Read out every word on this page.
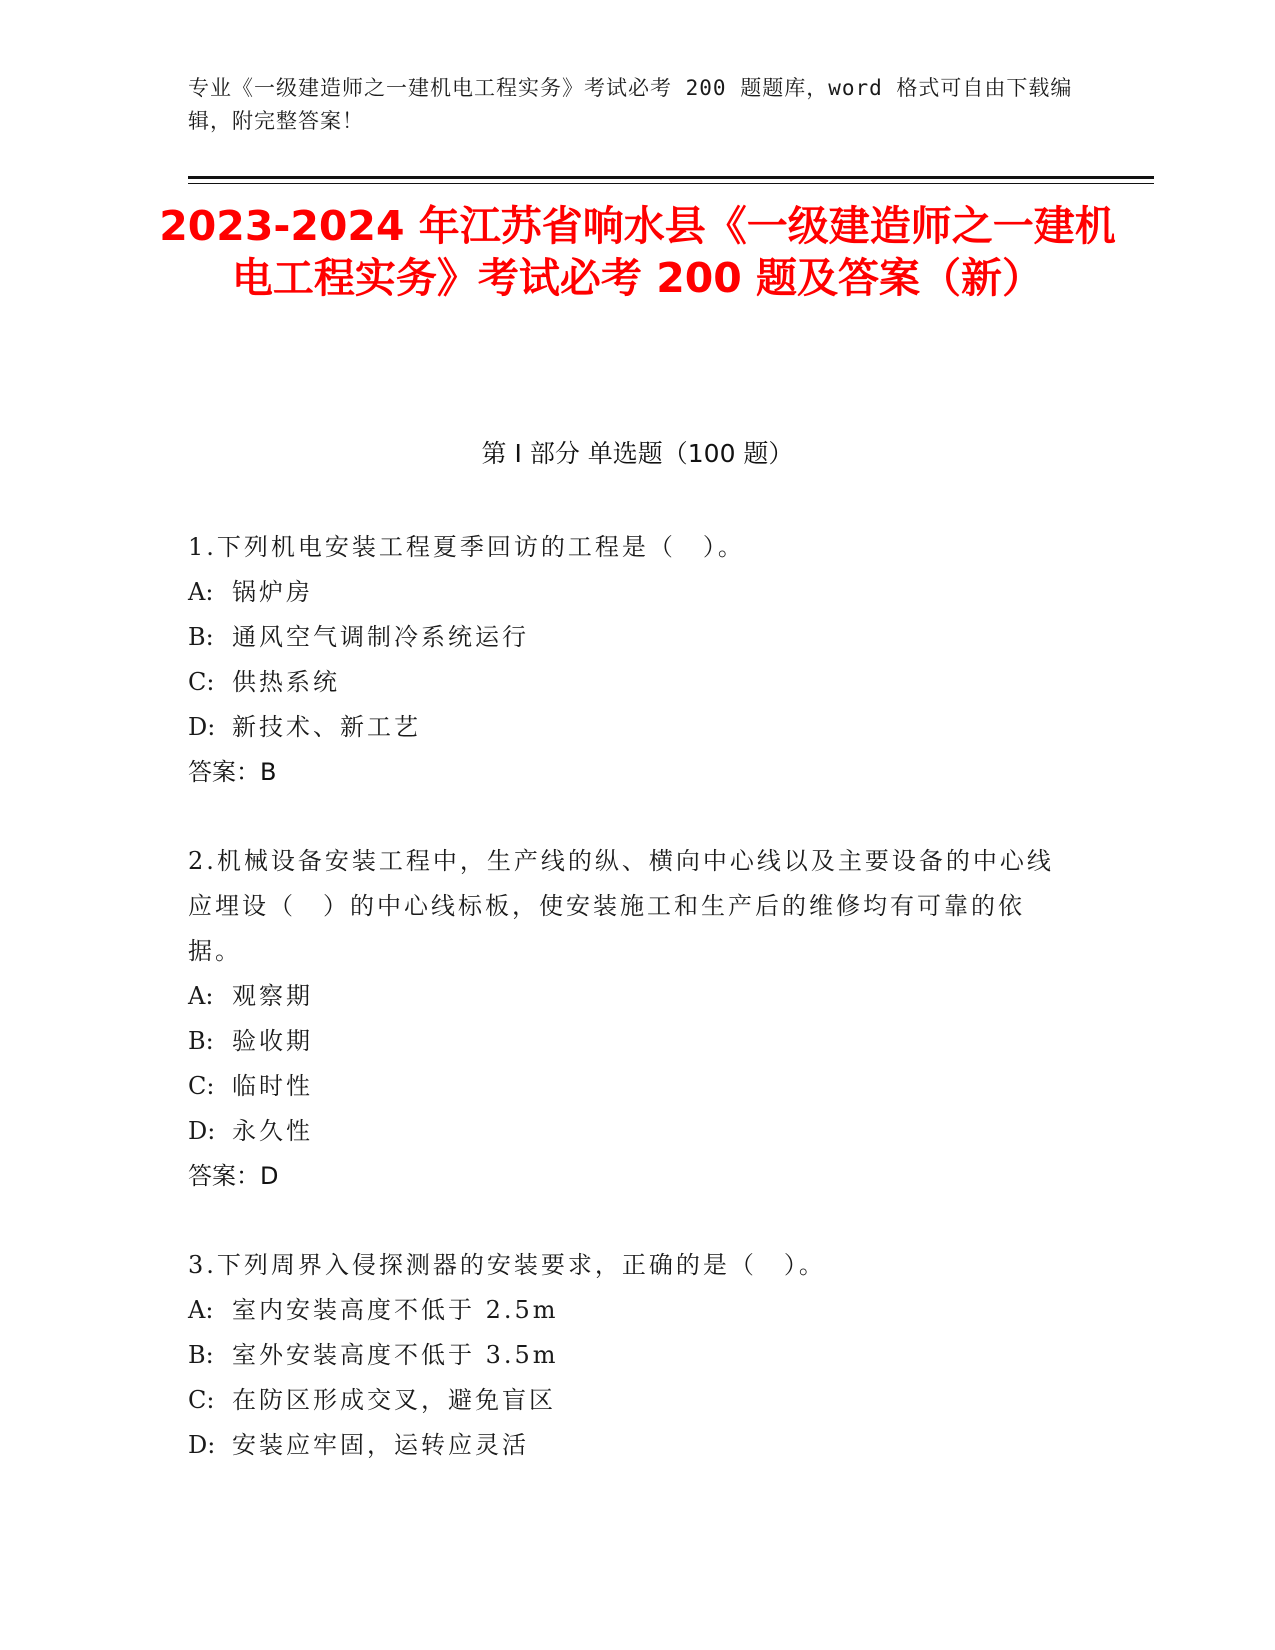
专业《一级建造师之一建机电工程实务》考试必考 200 题题库，word 格式可自由下载编辑，附完整答案！
2023-2024 年江苏省响水县《一级建造师之一建机电工程实务》考试必考 200 题及答案（新）
第 I 部分 单选题（100 题）
1.下列机电安装工程夏季回访的工程是（　）。
A: 锅炉房
B: 通风空气调制冷系统运行
C: 供热系统
D: 新技术、新工艺
答案：B
2.机械设备安装工程中，生产线的纵、横向中心线以及主要设备的中心线应埋设（　）的中心线标板，使安装施工和生产后的维修均有可靠的依据。
A: 观察期
B: 验收期
C: 临时性
D: 永久性
答案：D
3.下列周界入侵探测器的安装要求，正确的是（　）。
A: 室内安装高度不低于 2.5m
B: 室外安装高度不低于 3.5m
C: 在防区形成交叉，避免盲区
D: 安装应牢固，运转应灵活
